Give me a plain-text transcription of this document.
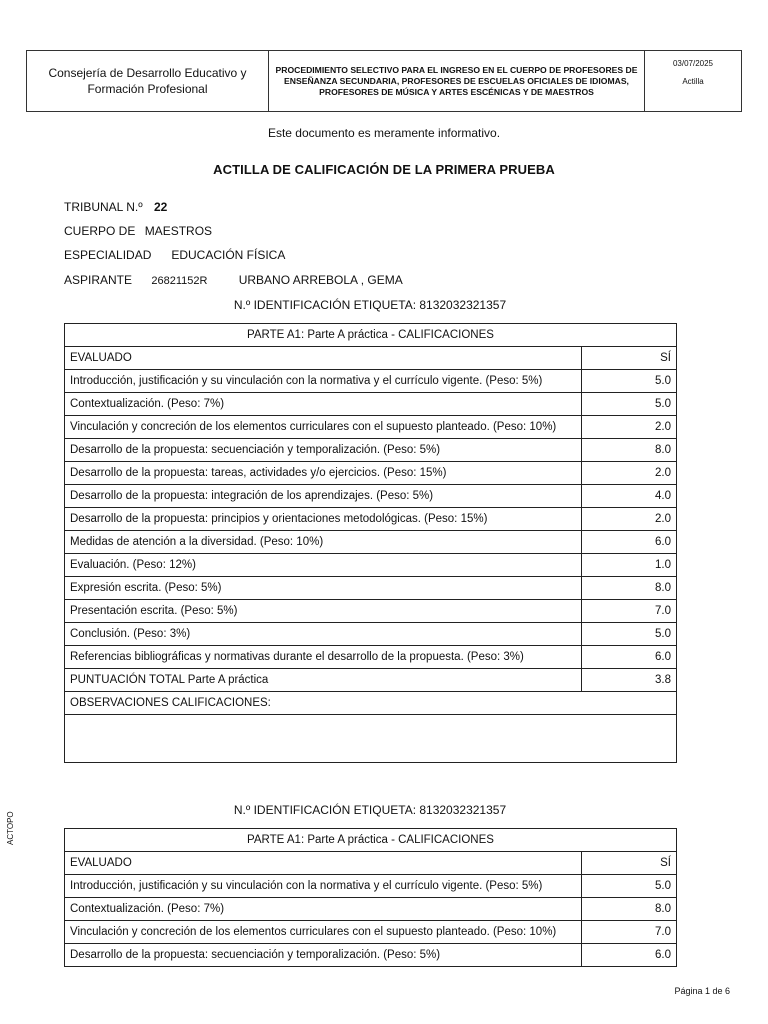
Consejería de Desarrollo Educativo y Formación Profesional
PROCEDIMIENTO SELECTIVO PARA EL INGRESO EN EL CUERPO DE PROFESORES DE ENSEÑANZA SECUNDARIA, PROFESORES DE ESCUELAS OFICIALES DE IDIOMAS, PROFESORES DE MÚSICA Y ARTES ESCÉNICAS Y DE MAESTROS
03/07/2025
Actilla
Este documento es meramente informativo.
ACTILLA DE CALIFICACIÓN DE LA PRIMERA PRUEBA
TRIBUNAL N.º 22
CUERPO DE MAESTROS
ESPECIALIDAD EDUCACIÓN FÍSICA
ASPIRANTE 26821152R	URBANO ARREBOLA , GEMA
N.º IDENTIFICACIÓN ETIQUETA: 8132032321357
PARTE A1: Parte A práctica - CALIFICACIONES	
EVALUADO	SÍ
Introducción, justificación y su vinculación con la normativa y el currículo vigente. (Peso: 5%)	5.0
Contextualización. (Peso: 7%)	5.0
Vinculación y concreción de los elementos curriculares con el supuesto planteado. (Peso: 10%)	2.0
Desarrollo de la propuesta: secuenciación y temporalización. (Peso: 5%)	8.0
Desarrollo de la propuesta: tareas, actividades y/o ejercicios. (Peso: 15%)	2.0
Desarrollo de la propuesta: integración de los aprendizajes. (Peso: 5%)	4.0
Desarrollo de la propuesta: principios y orientaciones metodológicas. (Peso: 15%)	2.0
Medidas de atención a la diversidad. (Peso: 10%)	6.0
Evaluación. (Peso: 12%)	1.0
Expresión escrita. (Peso: 5%)	8.0
Presentación escrita. (Peso: 5%)	7.0
Conclusión. (Peso: 3%)	5.0
Referencias bibliográficas y normativas durante el desarrollo de la propuesta. (Peso: 3%)	6.0
PUNTUACIÓN TOTAL Parte A práctica	3.8
OBSERVACIONES CALIFICACIONES:	

N.º IDENTIFICACIÓN ETIQUETA: 8132032321357
PARTE A1: Parte A práctica - CALIFICACIONES	
EVALUADO	SÍ
Introducción, justificación y su vinculación con la normativa y el currículo vigente. (Peso: 5%)	5.0
Contextualización. (Peso: 7%)	8.0
Vinculación y concreción de los elementos curriculares con el supuesto planteado. (Peso: 10%)	7.0
Desarrollo de la propuesta: secuenciación y temporalización. (Peso: 5%)	6.0
ACTOPO
Página 1 de 6
